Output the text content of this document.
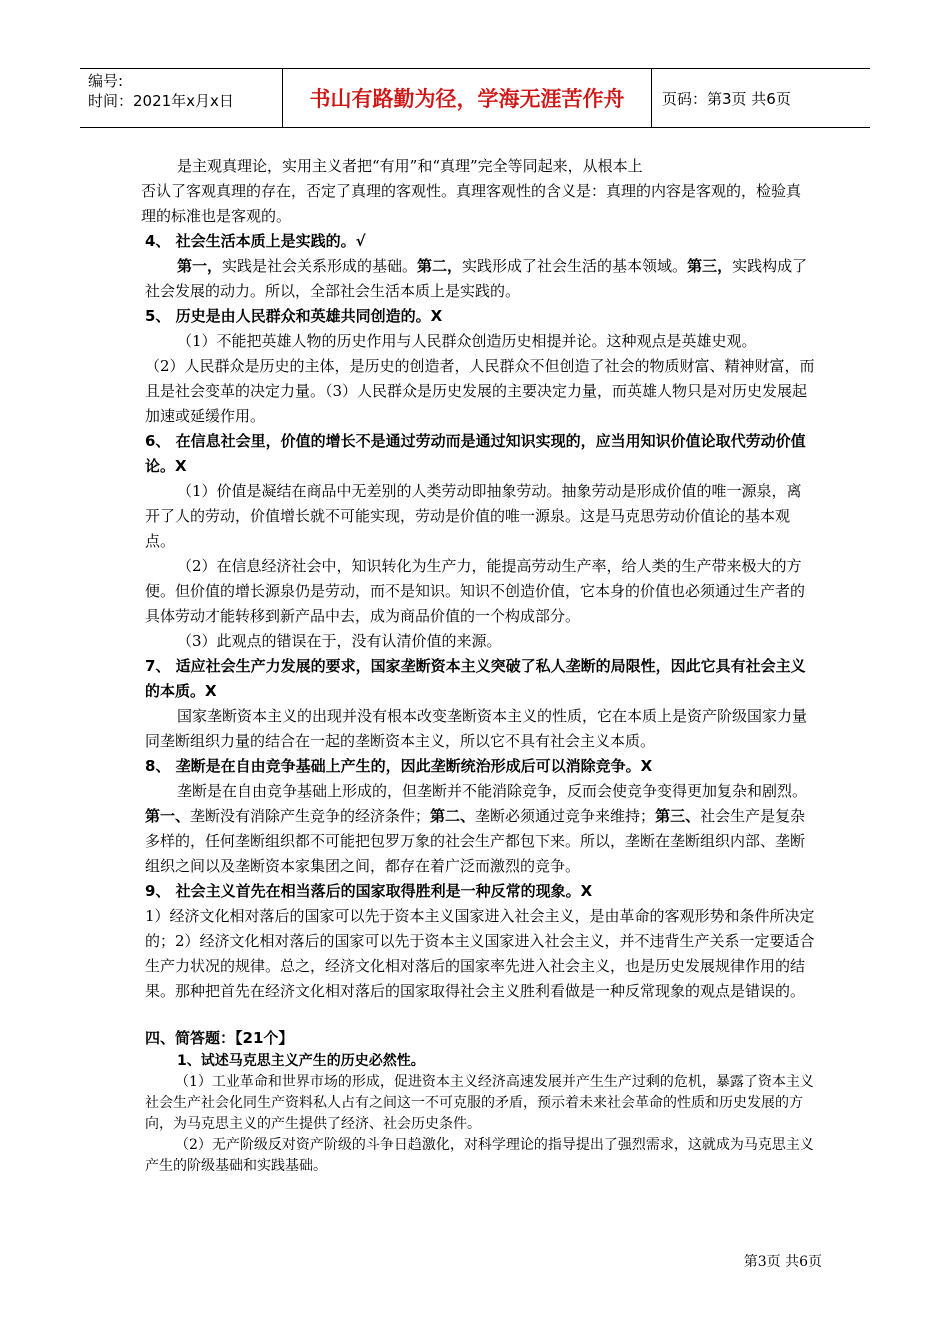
编号:
时间：2021年x月x日	书山有路勤为径，学海无涯苦作舟	页码：第3页 共6页

是主观真理论，实用主义者把“有用”和“真理”完全等同起来，从根本上

否认了客观真理的存在，否定了真理的客观性。真理客观性的含义是：真理的内容是客观的，检验真理的标准也是客观的。

4、 社会生活本质上是实践的。√

第一，实践是社会关系形成的基础。第二，实践形成了社会生活的基本领域。第三，实践构成了社会发展的动力。所以，全部社会生活本质上是实践的。

5、 历史是由人民群众和英雄共同创造的。X

（1）不能把英雄人物的历史作用与人民群众创造历史相提并论。这种观点是英雄史观。

（2）人民群众是历史的主体，是历史的创造者，人民群众不但创造了社会的物质财富、精神财富，而且是社会变革的决定力量。（3）人民群众是历史发展的主要决定力量，而英雄人物只是对历史发展起加速或延缓作用。

6、 在信息社会里，价值的增长不是通过劳动而是通过知识实现的，应当用知识价值论取代劳动价值论。X

（1）价值是凝结在商品中无差别的人类劳动即抽象劳动。抽象劳动是形成价值的唯一源泉，离开了人的劳动，价值增长就不可能实现，劳动是价值的唯一源泉。这是马克思劳动价值论的基本观点。

（2）在信息经济社会中，知识转化为生产力，能提高劳动生产率，给人类的生产带来极大的方便。但价值的增长源泉仍是劳动，而不是知识。知识不创造价值，它本身的价值也必须通过生产者的具体劳动才能转移到新产品中去，成为商品价值的一个构成部分。

（3）此观点的错误在于，没有认清价值的来源。

7、 适应社会生产力发展的要求，国家垄断资本主义突破了私人垄断的局限性，因此它具有社会主义的本质。X

国家垄断资本主义的出现并没有根本改变垄断资本主义的性质，它在本质上是资产阶级国家力量同垄断组织力量的结合在一起的垄断资本主义，所以它不具有社会主义本质。

8、 垄断是在自由竞争基础上产生的，因此垄断统治形成后可以消除竞争。X

垄断是在自由竞争基础上形成的，但垄断并不能消除竞争，反而会使竞争变得更加复杂和剧烈。第一、垄断没有消除产生竞争的经济条件；第二、垄断必须通过竞争来维持；第三、社会生产是复杂多样的，任何垄断组织都不可能把包罗万象的社会生产都包下来。所以，垄断在垄断组织内部、垄断组织之间以及垄断资本家集团之间，都存在着广泛而激烈的竞争。

9、 社会主义首先在相当落后的国家取得胜利是一种反常的现象。X

1）经济文化相对落后的国家可以先于资本主义国家进入社会主义，是由革命的客观形势和条件所决定的；2）经济文化相对落后的国家可以先于资本主义国家进入社会主义，并不违背生产关系一定要适合生产力状况的规律。总之，经济文化相对落后的国家率先进入社会主义，也是历史发展规律作用的结果。那种把首先在经济文化相对落后的国家取得社会主义胜利看做是一种反常现象的观点是错误的。

四、简答题：【21个】

1、试述马克思主义产生的历史必然性。

（1）工业革命和世界市场的形成，促进资本主义经济高速发展并产生生产过剩的危机，暴露了资本主义社会生产社会化同生产资料私人占有之间这一不可克服的矛盾，预示着未来社会革命的性质和历史发展的方向，为马克思主义的产生提供了经济、社会历史条件。

（2）无产阶级反对资产阶级的斗争日趋激化，对科学理论的指导提出了强烈需求，这就成为马克思主义产生的阶级基础和实践基础。

第3页 共6页
